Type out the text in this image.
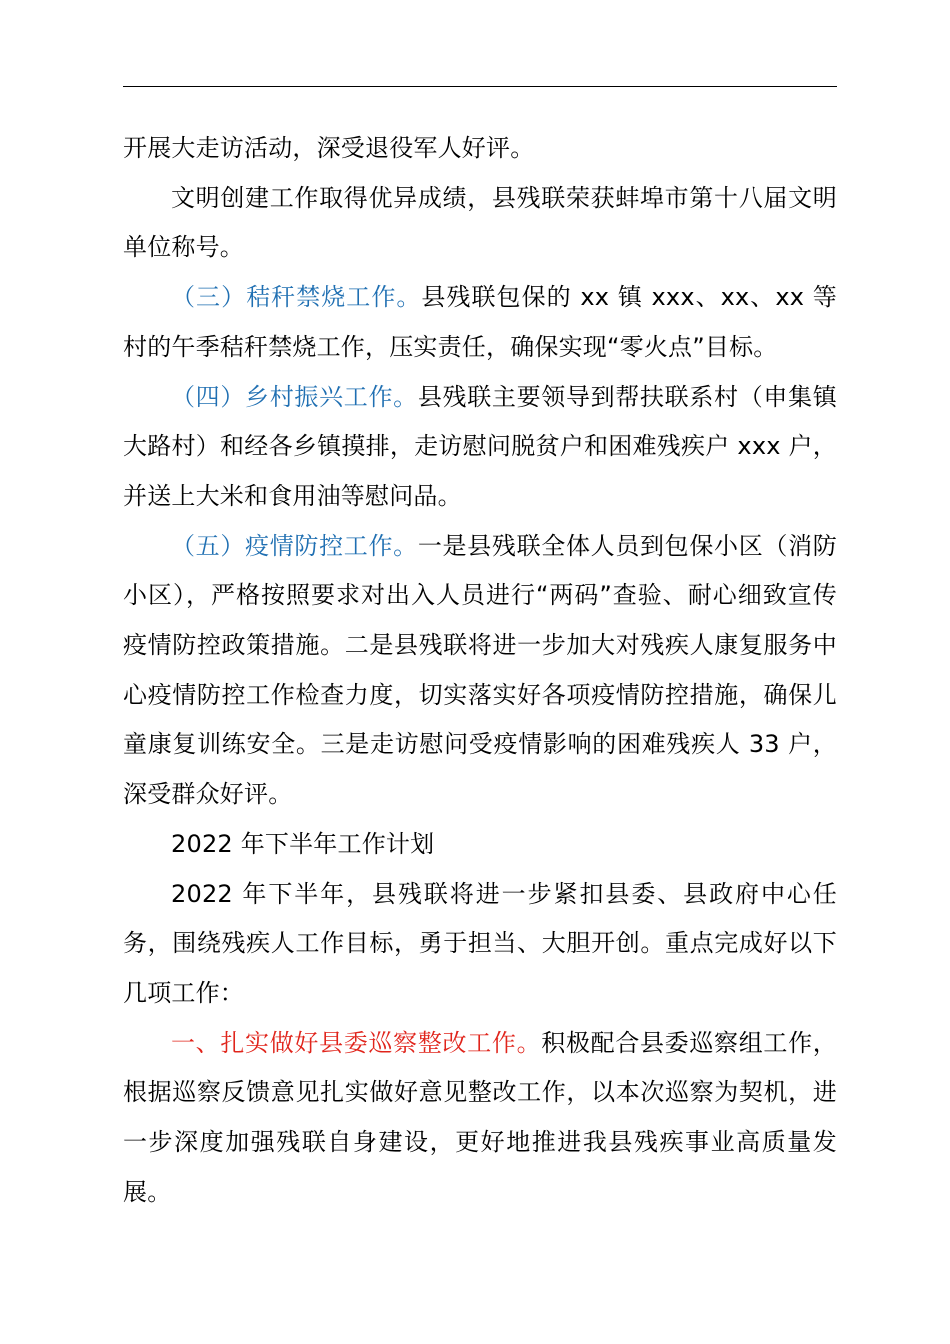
开展大走访活动，深受退役军人好评。

文明创建工作取得优异成绩，县残联荣获蚌埠市第十八届文明单位称号。

（三）秸秆禁烧工作。县残联包保的 xx 镇 xxx、xx、xx 等村的午季秸秆禁烧工作，压实责任，确保实现“零火点”目标。

（四）乡村振兴工作。县残联主要领导到帮扶联系村（申集镇大路村）和经各乡镇摸排，走访慰问脱贫户和困难残疾户 xxx 户，并送上大米和食用油等慰问品。

（五）疫情防控工作。一是县残联全体人员到包保小区（消防小区），严格按照要求对出入人员进行“两码”查验、耐心细致宣传疫情防控政策措施。二是县残联将进一步加大对残疾人康复服务中心疫情防控工作检查力度，切实落实好各项疫情防控措施，确保儿童康复训练安全。三是走访慰问受疫情影响的困难残疾人 33 户，深受群众好评。

2022 年下半年工作计划

2022 年下半年，县残联将进一步紧扣县委、县政府中心任务，围绕残疾人工作目标，勇于担当、大胆开创。重点完成好以下几项工作：

一、扎实做好县委巡察整改工作。积极配合县委巡察组工作，根据巡察反馈意见扎实做好意见整改工作，以本次巡察为契机，进一步深度加强残联自身建设，更好地推进我县残疾事业高质量发展。
